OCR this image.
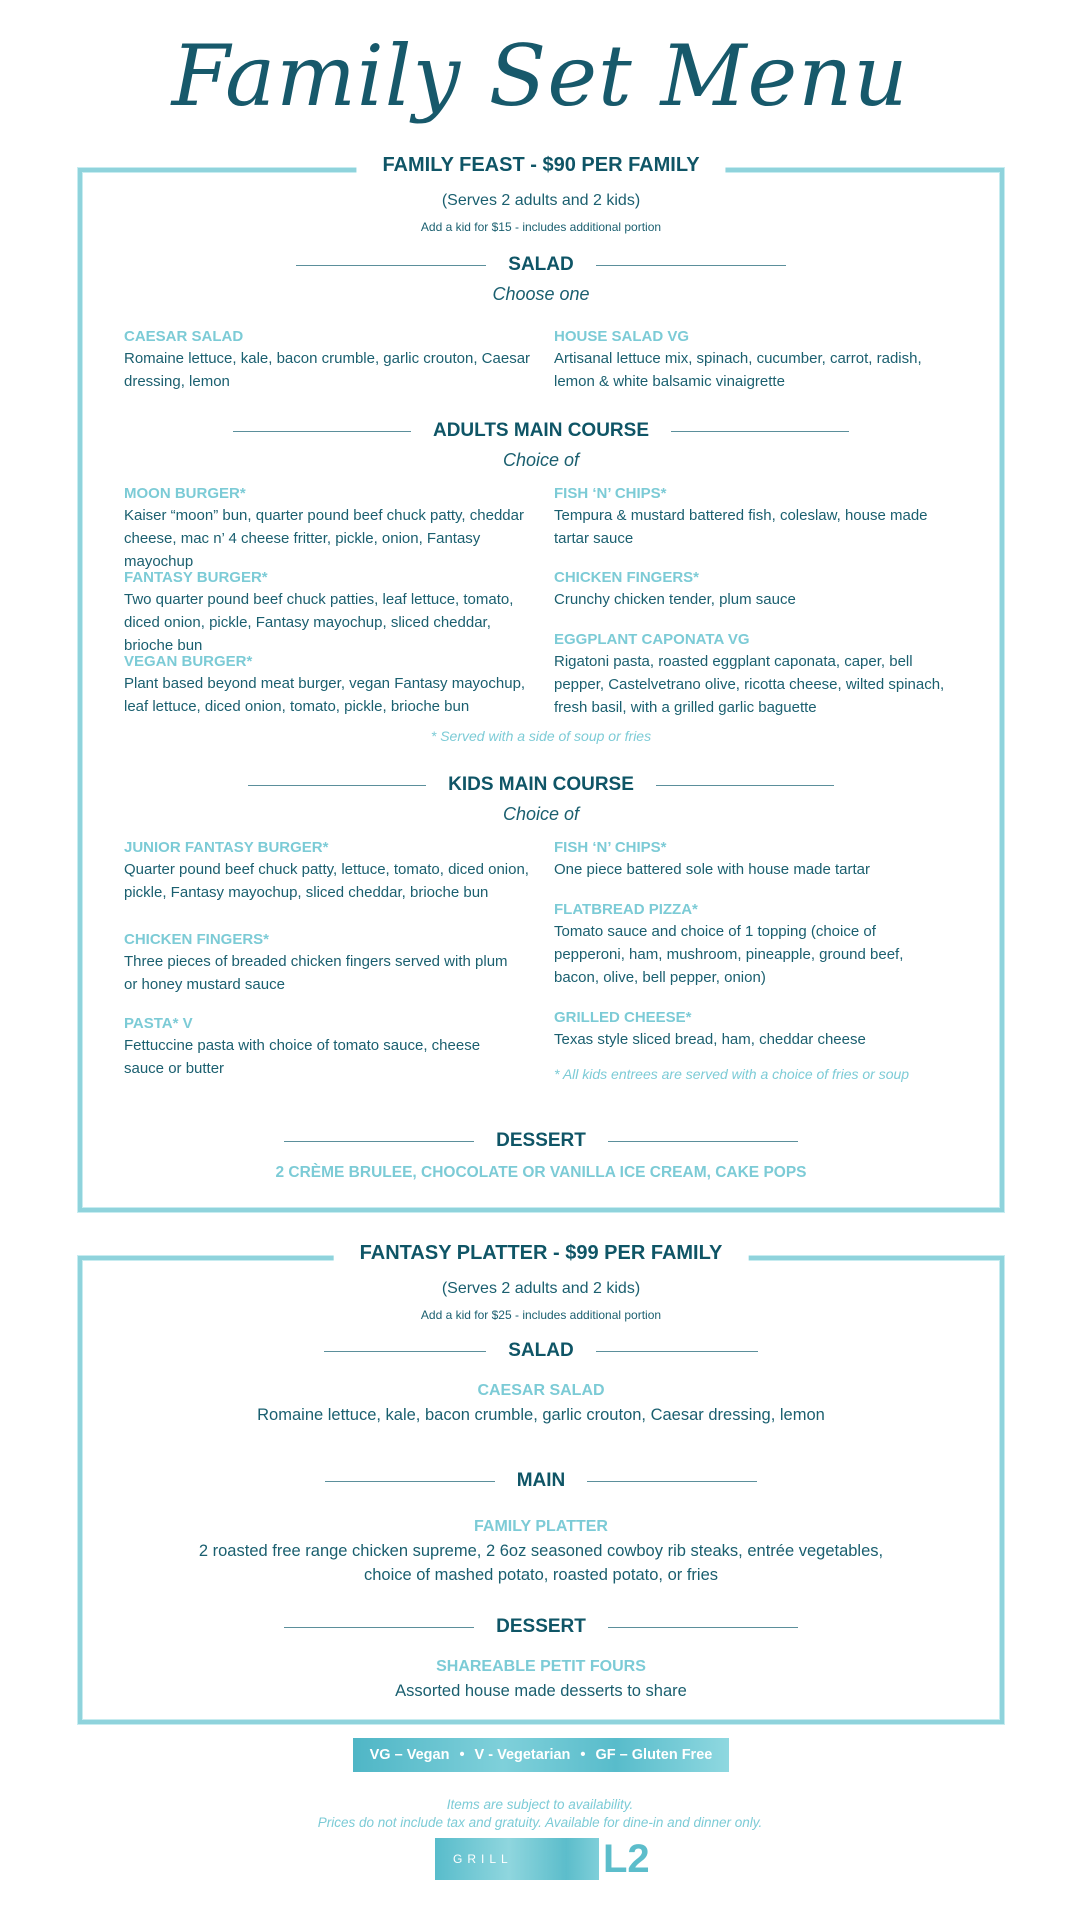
Family Set Menu
FAMILY FEAST - $90 PER FAMILY
(Serves 2 adults and 2 kids)
Add a kid for $15 - includes additional portion
SALAD
Choose one
CAESAR SALAD
Romaine lettuce, kale, bacon crumble, garlic crouton, Caesar dressing, lemon
HOUSE SALAD VG
Artisanal lettuce mix, spinach, cucumber, carrot, radish, lemon & white balsamic vinaigrette
ADULTS MAIN COURSE
Choice of
MOON BURGER*
Kaiser “moon” bun, quarter pound beef chuck patty, cheddar cheese, mac n’ 4 cheese fritter, pickle, onion, Fantasy mayochup
FANTASY BURGER*
Two quarter pound beef chuck patties, leaf lettuce, tomato, diced onion, pickle, Fantasy mayochup, sliced cheddar, brioche bun
VEGAN BURGER*
Plant based beyond meat burger, vegan Fantasy mayochup, leaf lettuce, diced onion, tomato, pickle, brioche bun
FISH ‘N’ CHIPS*
Tempura & mustard battered fish, coleslaw, house made tartar sauce
CHICKEN FINGERS*
Crunchy chicken tender, plum sauce
EGGPLANT CAPONATA VG
Rigatoni pasta, roasted eggplant caponata, caper, bell pepper, Castelvetrano olive, ricotta cheese, wilted spinach, fresh basil, with a grilled garlic baguette
* Served with a side of soup or fries
KIDS MAIN COURSE
Choice of
JUNIOR FANTASY BURGER*
Quarter pound beef chuck patty, lettuce, tomato, diced onion, pickle, Fantasy mayochup, sliced cheddar, brioche bun
CHICKEN FINGERS*
Three pieces of breaded chicken fingers served with plum or honey mustard sauce
PASTA* V
Fettuccine pasta with choice of tomato sauce, cheese sauce or butter
FISH ‘N’ CHIPS*
One piece battered sole with house made tartar
FLATBREAD PIZZA*
Tomato sauce and choice of 1 topping (choice of pepperoni, ham, mushroom, pineapple, ground beef, bacon, olive, bell pepper, onion)
GRILLED CHEESE*
Texas style sliced bread, ham, cheddar cheese
* All kids entrees are served with a choice of fries or soup
DESSERT
2 CRÈME BRULEE, CHOCOLATE OR VANILLA ICE CREAM, CAKE POPS
FANTASY PLATTER - $99 PER FAMILY
(Serves 2 adults and 2 kids)
Add a kid for $25 - includes additional portion
SALAD
CAESAR SALAD
Romaine lettuce, kale, bacon crumble, garlic crouton, Caesar dressing, lemon
MAIN
FAMILY PLATTER
2 roasted free range chicken supreme, 2 6oz seasoned cowboy rib steaks, entrée vegetables,
choice of mashed potato, roasted potato, or fries
DESSERT
SHAREABLE PETIT FOURS
Assorted house made desserts to share
VG – Vegan • V - Vegetarian • GF – Gluten Free
Items are subject to availability.
Prices do not include tax and gratuity. Available for dine-in and dinner only.
GRILL	L2
